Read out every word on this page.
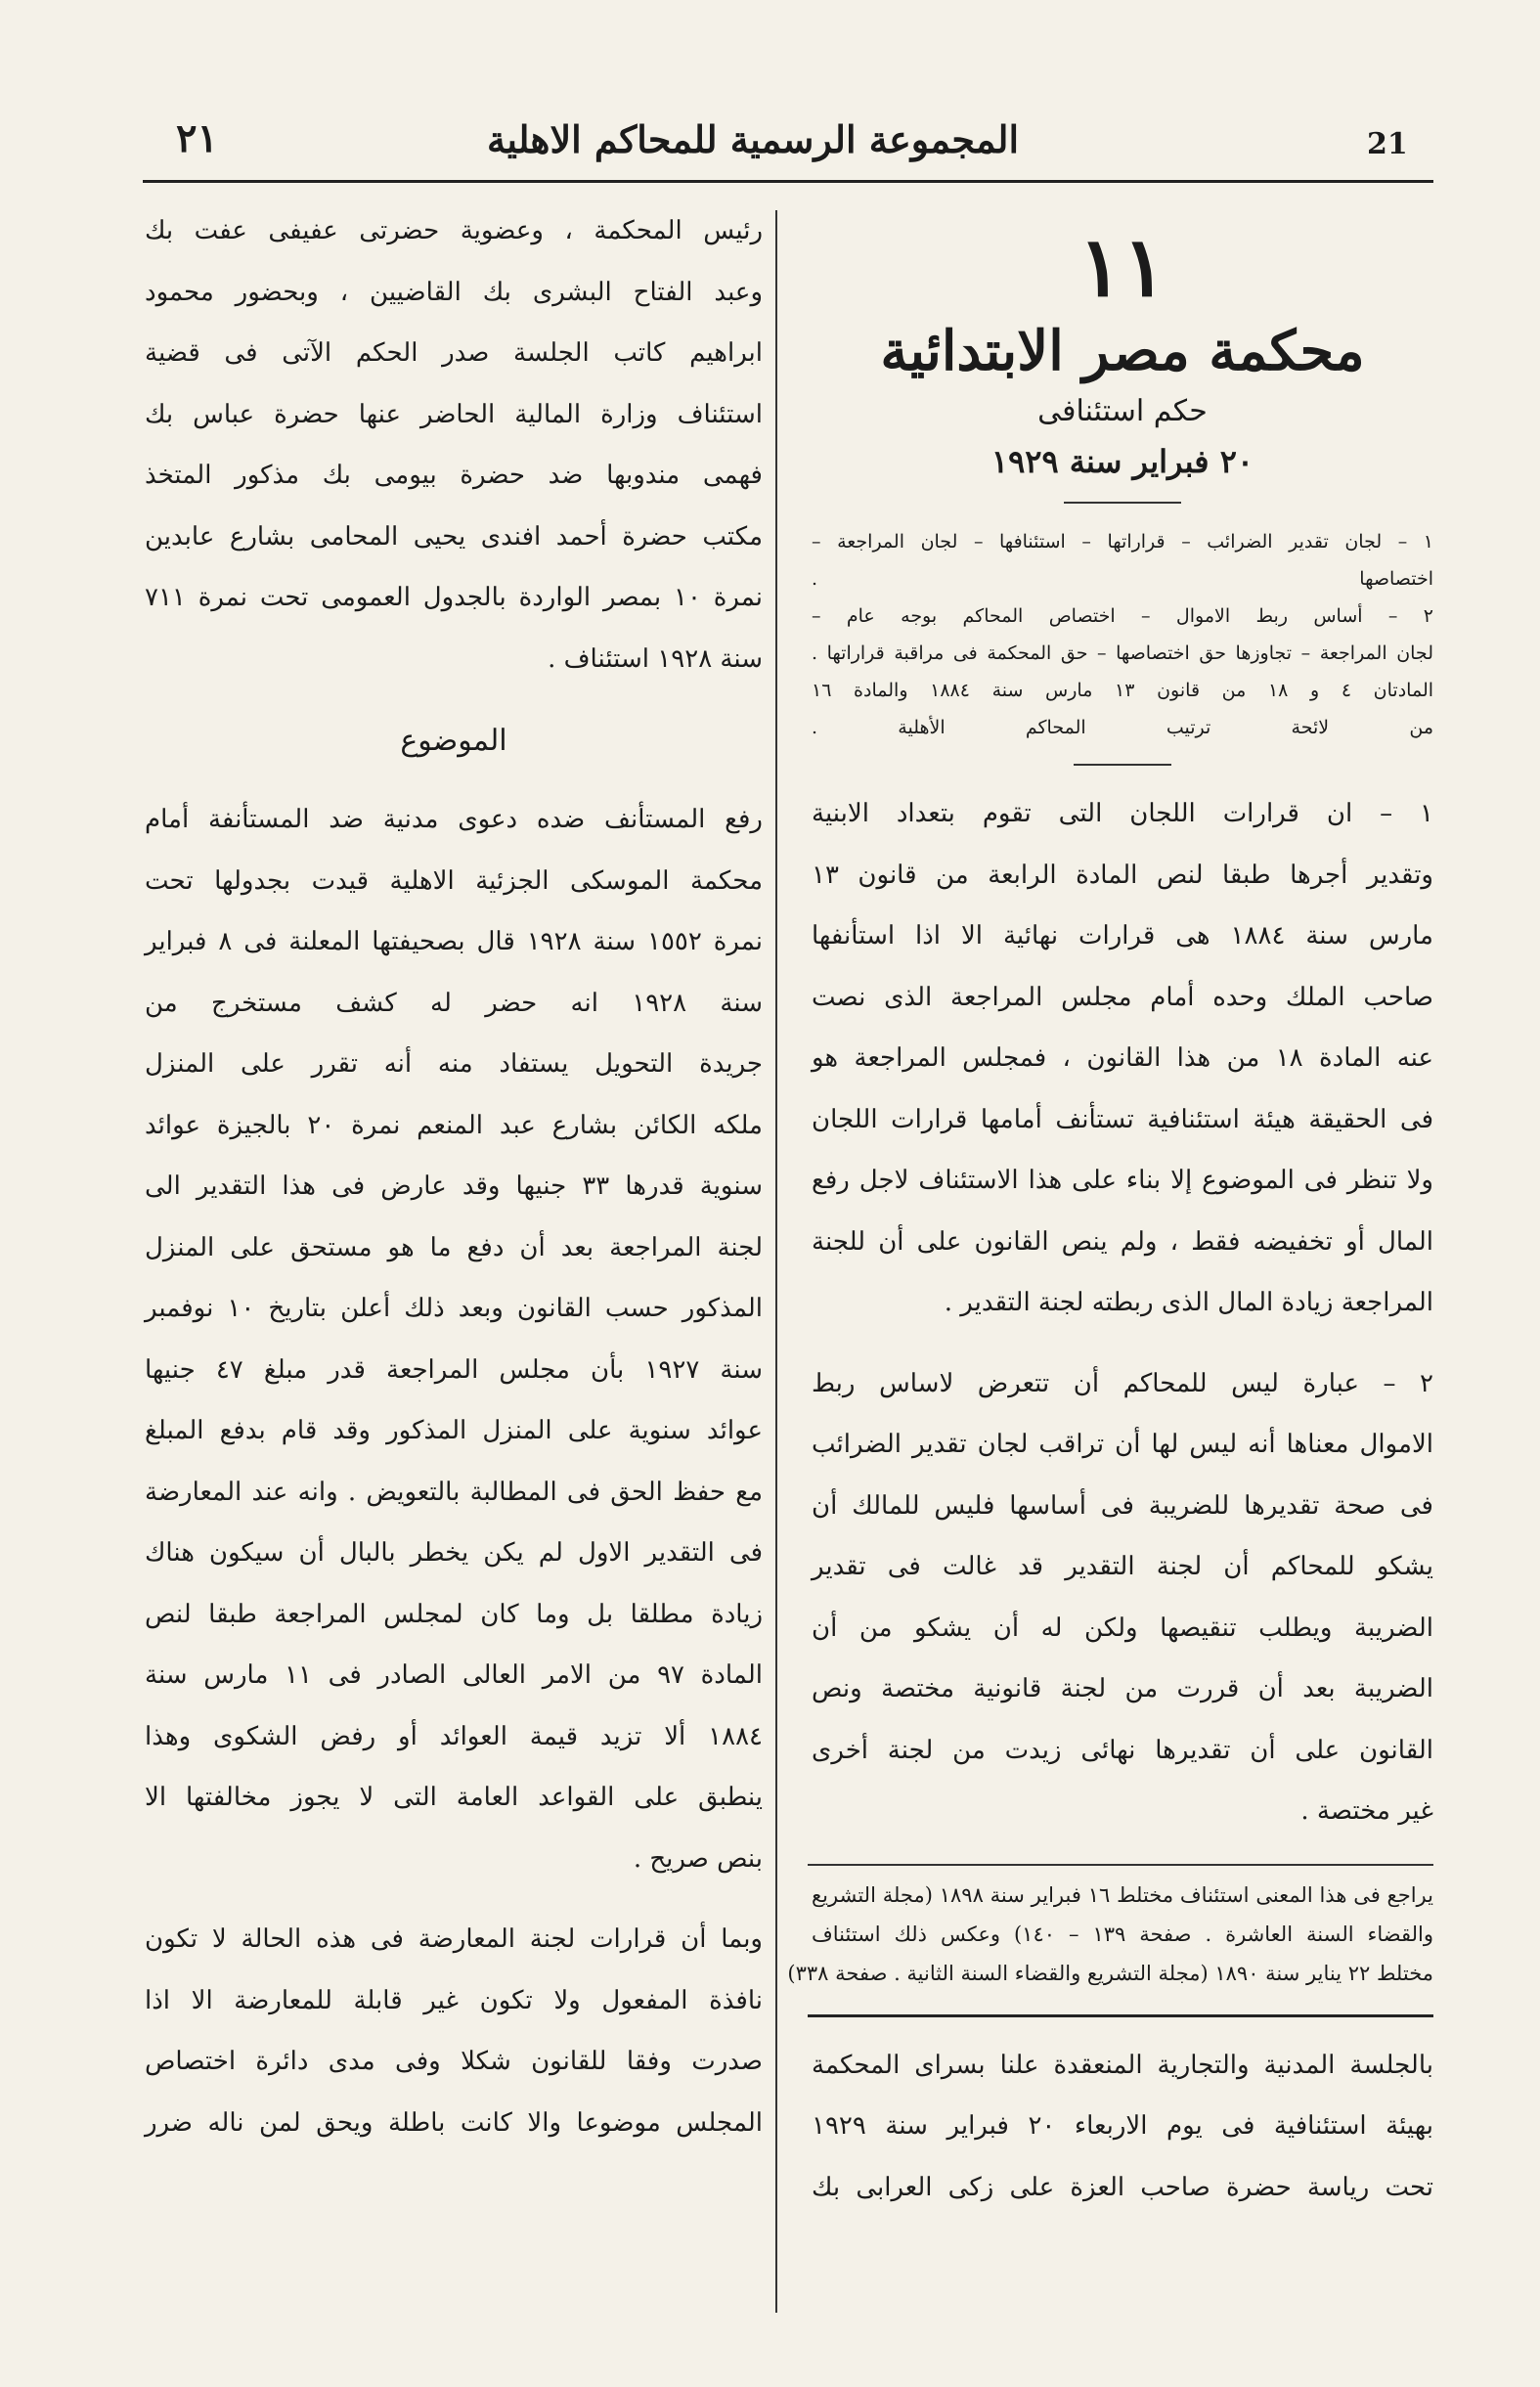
٢١	المجموعة الرسمية للمحاكم الاهلية	21
١١
محكمة مصر الابتدائية
حكم استئنافى
٢٠ فبراير سنة ١٩٢٩
١ – لجان تقدير الضرائب – قراراتها – استئنافها – لجان المراجعة –
اختصاصها .
٢ – أساس ربط الاموال – اختصاص المحاكم بوجه عام –
لجان المراجعة – تجاوزها حق اختصاصها – حق المحكمة فى مراقبة قراراتها .
المادتان ٤ و ١٨ من قانون ١٣ مارس سنة ١٨٨٤ والمادة ١٦
من لائحة ترتيب المحاكم الأهلية .
١ – ان قرارات اللجان التى تقوم بتعداد الابنية
وتقدير أجرها طبقا لنص المادة الرابعة من قانون ١٣
مارس سنة ١٨٨٤ هى قرارات نهائية الا اذا استأنفها
صاحب الملك وحده أمام مجلس المراجعة الذى نصت
عنه المادة ١٨ من هذا القانون ، فمجلس المراجعة هو
فى الحقيقة هيئة استئنافية تستأنف أمامها قرارات اللجان
ولا تنظر فى الموضوع إلا بناء على هذا الاستئناف لاجل رفع
المال أو تخفيضه فقط ، ولم ينص القانون على أن للجنة
المراجعة زيادة المال الذى ربطته لجنة التقدير .
٢ – عبارة ليس للمحاكم أن تتعرض لاساس ربط
الاموال معناها أنه ليس لها أن تراقب لجان تقدير الضرائب
فى صحة تقديرها للضريبة فى أساسها فليس للمالك أن
يشكو للمحاكم أن لجنة التقدير قد غالت فى تقدير
الضريبة ويطلب تنقيصها ولكن له أن يشكو من أن
الضريبة بعد أن قررت من لجنة قانونية مختصة ونص
القانون على أن تقديرها نهائى زيدت من لجنة أخرى
غير مختصة .
يراجع فى هذا المعنى استئناف مختلط ١٦ فبراير سنة ١٨٩٨ (مجلة التشريع
والقضاء السنة العاشرة . صفحة ١٣٩ – ١٤٠) وعكس ذلك استئناف
مختلط ٢٢ يناير سنة ١٨٩٠ (مجلة التشريع والقضاء السنة الثانية . صفحة ٣٣٨)
بالجلسة المدنية والتجارية المنعقدة علنا بسراى المحكمة
بهيئة استئنافية فى يوم الاربعاء ٢٠ فبراير سنة ١٩٢٩
تحت رياسة حضرة صاحب العزة على زكى العرابى بك
رئيس المحكمة ، وعضوية حضرتى عفيفى عفت بك
وعبد الفتاح البشرى بك القاضيين ، وبحضور محمود
ابراهيم كاتب الجلسة صدر الحكم الآتى فى قضية
استئناف وزارة المالية الحاضر عنها حضرة عباس بك
فهمى مندوبها ضد حضرة بيومى بك مذكور المتخذ
مكتب حضرة أحمد افندى يحيى المحامى بشارع عابدين
نمرة ١٠ بمصر الواردة بالجدول العمومى تحت نمرة ٧١١
سنة ١٩٢٨ استئناف .
الموضوع
رفع المستأنف ضده دعوى مدنية ضد المستأنفة أمام
محكمة الموسكى الجزئية الاهلية قيدت بجدولها تحت
نمرة ١٥٥٢ سنة ١٩٢٨ قال بصحيفتها المعلنة فى ٨ فبراير
سنة ١٩٢٨ انه حضر له كشف مستخرج من
جريدة التحويل يستفاد منه أنه تقرر على المنزل
ملكه الكائن بشارع عبد المنعم نمرة ٢٠ بالجيزة عوائد
سنوية قدرها ٣٣ جنيها وقد عارض فى هذا التقدير الى
لجنة المراجعة بعد أن دفع ما هو مستحق على المنزل
المذكور حسب القانون وبعد ذلك أعلن بتاريخ ١٠ نوفمبر
سنة ١٩٢٧ بأن مجلس المراجعة قدر مبلغ ٤٧ جنيها
عوائد سنوية على المنزل المذكور وقد قام بدفع المبلغ
مع حفظ الحق فى المطالبة بالتعويض . وانه عند المعارضة
فى التقدير الاول لم يكن يخطر بالبال أن سيكون هناك
زيادة مطلقا بل وما كان لمجلس المراجعة طبقا لنص
المادة ٩٧ من الامر العالى الصادر فى ١١ مارس سنة
١٨٨٤ ألا تزيد قيمة العوائد أو رفض الشكوى وهذا
ينطبق على القواعد العامة التى لا يجوز مخالفتها الا
بنص صريح .
وبما أن قرارات لجنة المعارضة فى هذه الحالة لا تكون
نافذة المفعول ولا تكون غير قابلة للمعارضة الا اذا
صدرت وفقا للقانون شكلا وفى مدى دائرة اختصاص
المجلس موضوعا والا كانت باطلة ويحق لمن ناله ضرر
